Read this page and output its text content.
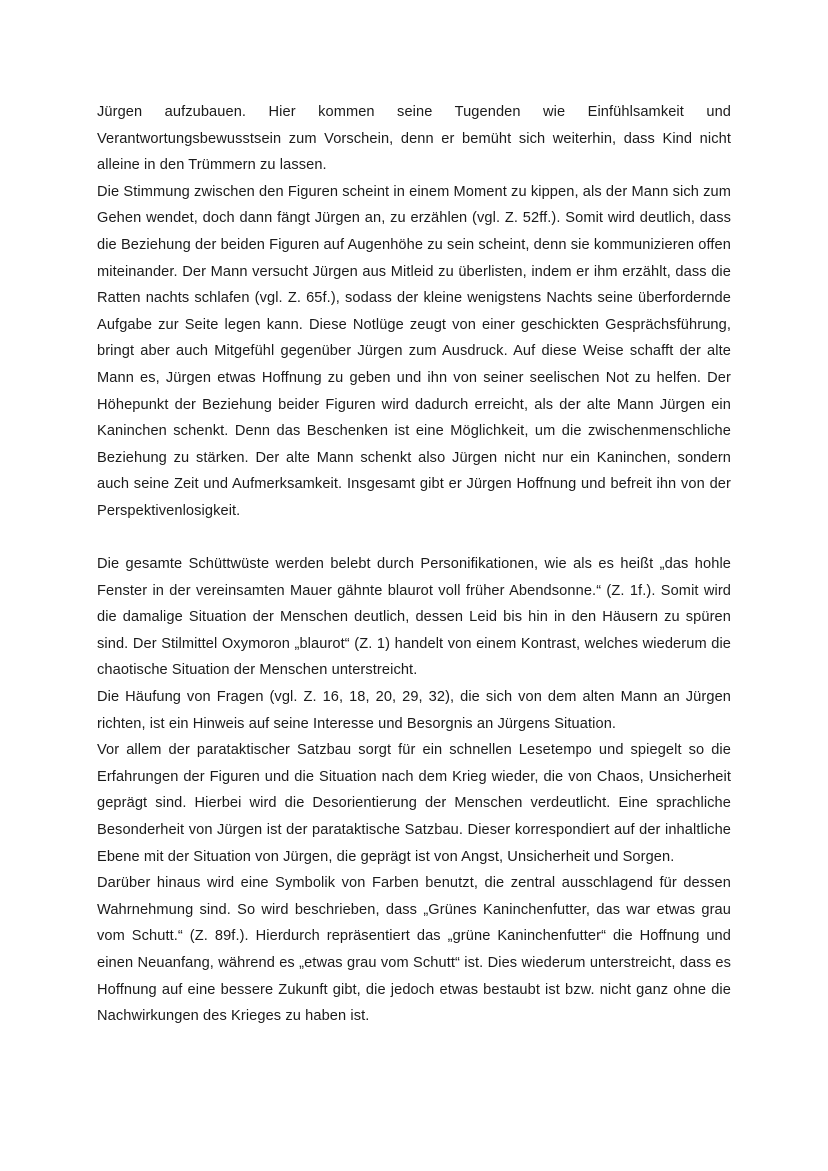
Jürgen aufzubauen. Hier kommen seine Tugenden wie Einfühlsamkeit und Verantwortungsbewusstsein zum Vorschein, denn er bemüht sich weiterhin, dass Kind nicht alleine in den Trümmern zu lassen.

Die Stimmung zwischen den Figuren scheint in einem Moment zu kippen, als der Mann sich zum Gehen wendet, doch dann fängt Jürgen an, zu erzählen (vgl. Z. 52ff.). Somit wird deutlich, dass die Beziehung der beiden Figuren auf Augenhöhe zu sein scheint, denn sie kommunizieren offen miteinander. Der Mann versucht Jürgen aus Mitleid zu überlisten, indem er ihm erzählt, dass die Ratten nachts schlafen (vgl. Z. 65f.), sodass der kleine wenigstens Nachts seine überfordernde Aufgabe zur Seite legen kann. Diese Notlüge zeugt von einer geschickten Gesprächsführung, bringt aber auch Mitgefühl gegenüber Jürgen zum Ausdruck. Auf diese Weise schafft der alte Mann es, Jürgen etwas Hoffnung zu geben und ihn von seiner seelischen Not zu helfen. Der Höhepunkt der Beziehung beider Figuren wird dadurch erreicht, als der alte Mann Jürgen ein Kaninchen schenkt. Denn das Beschenken ist eine Möglichkeit, um die zwischenmenschliche Beziehung zu stärken. Der alte Mann schenkt also Jürgen nicht nur ein Kaninchen, sondern auch seine Zeit und Aufmerksamkeit. Insgesamt gibt er Jürgen Hoffnung und befreit ihn von der Perspektivenlosigkeit.

Die gesamte Schüttwüste werden belebt durch Personifikationen, wie als es heißt „das hohle Fenster in der vereinsamten Mauer gähnte blaurot voll früher Abendsonne.“ (Z. 1f.). Somit wird die damalige Situation der Menschen deutlich, dessen Leid bis hin in den Häusern zu spüren sind. Der Stilmittel Oxymoron „blaurot“ (Z. 1) handelt von einem Kontrast, welches wiederum die chaotische Situation der Menschen unterstreicht.

Die Häufung von Fragen (vgl. Z. 16, 18, 20, 29, 32), die sich von dem alten Mann an Jürgen richten, ist ein Hinweis auf seine Interesse und Besorgnis an Jürgens Situation.

Vor allem der parataktischer Satzbau sorgt für ein schnellen Lesetempo und spiegelt so die Erfahrungen der Figuren und die Situation nach dem Krieg wieder, die von Chaos, Unsicherheit geprägt sind. Hierbei wird die Desorientierung der Menschen verdeutlicht. Eine sprachliche Besonderheit von Jürgen ist der parataktische Satzbau. Dieser korrespondiert auf der inhaltliche Ebene mit der Situation von Jürgen, die geprägt ist von Angst, Unsicherheit und Sorgen.

Darüber hinaus wird eine Symbolik von Farben benutzt, die zentral ausschlagend für dessen Wahrnehmung sind. So wird beschrieben, dass „Grünes Kaninchenfutter, das war etwas grau vom Schutt.“ (Z. 89f.). Hierdurch repräsentiert das „grüne Kaninchenfutter“ die Hoffnung und einen Neuanfang, während es „etwas grau vom Schutt“ ist. Dies wiederum unterstreicht, dass es Hoffnung auf eine bessere Zukunft gibt, die jedoch etwas bestaubt ist bzw. nicht ganz ohne die Nachwirkungen des Krieges zu haben ist.
